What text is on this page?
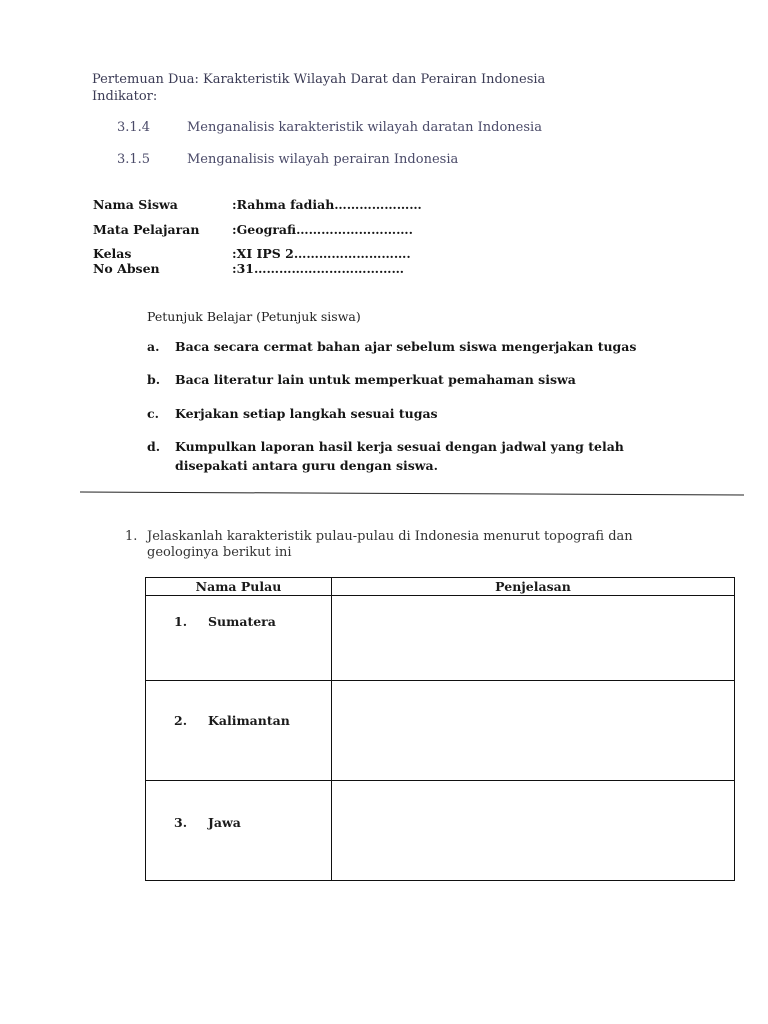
Pertemuan Dua: Karakteristik Wilayah Darat dan Perairan Indonesia
Indikator:
3.1.4	Menganalisis karakteristik wilayah daratan Indonesia
3.1.5	Menganalisis wilayah perairan Indonesia
Nama Siswa	:Rahma fadiah…………………
Mata Pelajaran	:Geografi……………………….
Kelas	:XI IPS 2……………………….
No Absen	:31………………………………
Petunjuk Belajar (Petunjuk siswa)
a. Baca secara cermat bahan ajar sebelum siswa mengerjakan tugas
b. Baca literatur lain untuk memperkuat pemahaman siswa
c. Kerjakan setiap langkah sesuai tugas
d. Kumpulkan laporan hasil kerja sesuai dengan jadwal yang telah
disepakati antara guru dengan siswa.
1. Jelaskanlah karakteristik pulau-pulau di Indonesia menurut topografi dan
geologinya berikut ini
Nama Pulau	Penjelasan

1. Sumatera	

2. Kalimantan	

3. Jawa	
